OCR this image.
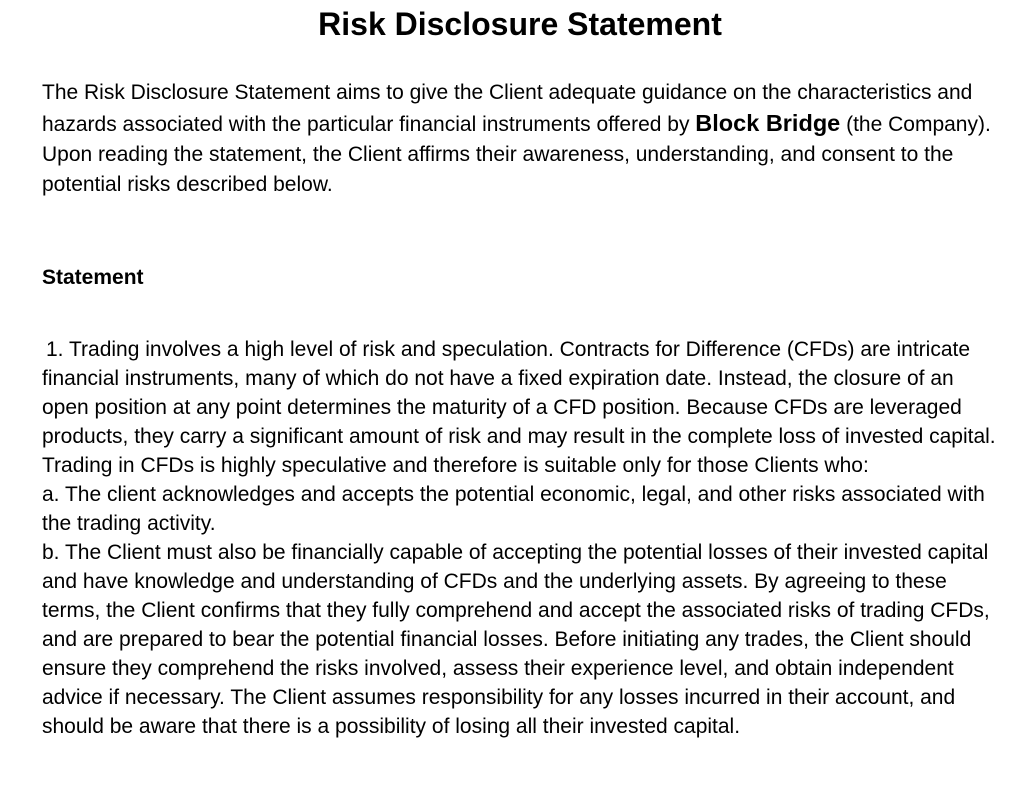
Risk Disclosure Statement

The Risk Disclosure Statement aims to give the Client adequate guidance on the characteristics and hazards associated with the particular financial instruments offered by Block Bridge (the Company). Upon reading the statement, the Client affirms their awareness, understanding, and consent to the potential risks described below.

Statement

1. Trading involves a high level of risk and speculation. Contracts for Difference (CFDs) are intricate financial instruments, many of which do not have a fixed expiration date. Instead, the closure of an open position at any point determines the maturity of a CFD position. Because CFDs are leveraged products, they carry a significant amount of risk and may result in the complete loss of invested capital. Trading in CFDs is highly speculative and therefore is suitable only for those Clients who:

a. The client acknowledges and accepts the potential economic, legal, and other risks associated with the trading activity.

b. The Client must also be financially capable of accepting the potential losses of their invested capital and have knowledge and understanding of CFDs and the underlying assets. By agreeing to these terms, the Client confirms that they fully comprehend and accept the associated risks of trading CFDs, and are prepared to bear the potential financial losses. Before initiating any trades, the Client should ensure they comprehend the risks involved, assess their experience level, and obtain independent advice if necessary. The Client assumes responsibility for any losses incurred in their account, and should be aware that there is a possibility of losing all their invested capital.
